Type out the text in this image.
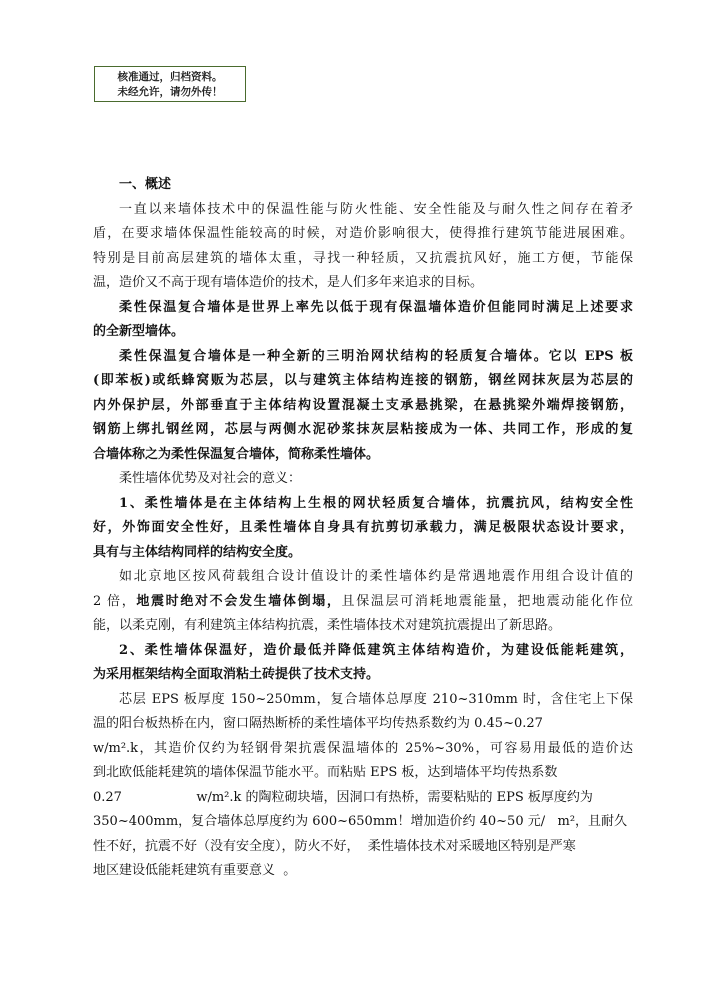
核准通过，归档资料。
未经允许，请勿外传！
一、概述
一直以来墙体技术中的保温性能与防火性能、安全性能及与耐久性之间存在着矛
盾，在要求墙体保温性能较高的时候，对造价影响很大，使得推行建筑节能进展困难。
特别是目前高层建筑的墙体太重，寻找一种轻质，又抗震抗风好，施工方便，节能保
温，造价又不高于现有墙体造价的技术，是人们多年来追求的目标。
柔性保温复合墙体是世界上率先以低于现有保温墙体造价但能同时满足上述要求
的全新型墙体。
柔性保温复合墙体是一种全新的三明治网状结构的轻质复合墙体。它以 EPS 板
(即苯板)或纸蜂窝贩为芯层，以与建筑主体结构连接的钢筋，钢丝网抹灰层为芯层的
内外保护层，外部垂直于主体结构设置混凝土支承悬挑梁，在悬挑梁外端焊接钢筋，
钢筋上绑扎钢丝网，芯层与两侧水泥砂浆抹灰层粘接成为一体、共同工作，形成的复
合墙体称之为柔性保温复合墙体，简称柔性墙体。
柔性墙体优势及对社会的意义：
1、柔性墙体是在主体结构上生根的网状轻质复合墙体，抗震抗风，结构安全性
好，外饰面安全性好，且柔性墙体自身具有抗剪切承载力，满足极限状态设计要求，
具有与主体结构同样的结构安全度。
如北京地区按风荷载组合设计值设计的柔性墙体约是常遇地震作用组合设计值的
2 倍，地震时绝对不会发生墙体倒塌，且保温层可消耗地震能量，把地震动能化作位
能，以柔克刚，有利建筑主体结构抗震，柔性墙体技术对建筑抗震提出了新思路。
2、柔性墙体保温好，造价最低并降低建筑主体结构造价，为建设低能耗建筑，
为采用框架结构全面取消粘土砖提供了技术支持。
芯层 EPS 板厚度 150~250mm，复合墙体总厚度 210~310mm 时，含住宅上下保
温的阳台板热桥在内，窗口隔热断桥的柔性墙体平均传热系数约为 0.45~0.27
w/m².k，其造价仅约为轻钢骨架抗震保温墙体的 25%~30%，可容易用最低的造价达
到北欧低能耗建筑的墙体保温节能水平。而粘贴 EPS 板，达到墙体平均传热系数
0.27                  w/m².k 的陶粒砌块墙，因洞口有热桥，需要粘贴的 EPS 板厚度约为
350~400mm，复合墙体总厚度约为 600~650mm！增加造价约 40~50 元/   m²，且耐久
性不好，抗震不好（没有安全度），防火不好，  柔性墙体技术对采暖地区特别是严寒
地区建设低能耗建筑有重要意义  。
